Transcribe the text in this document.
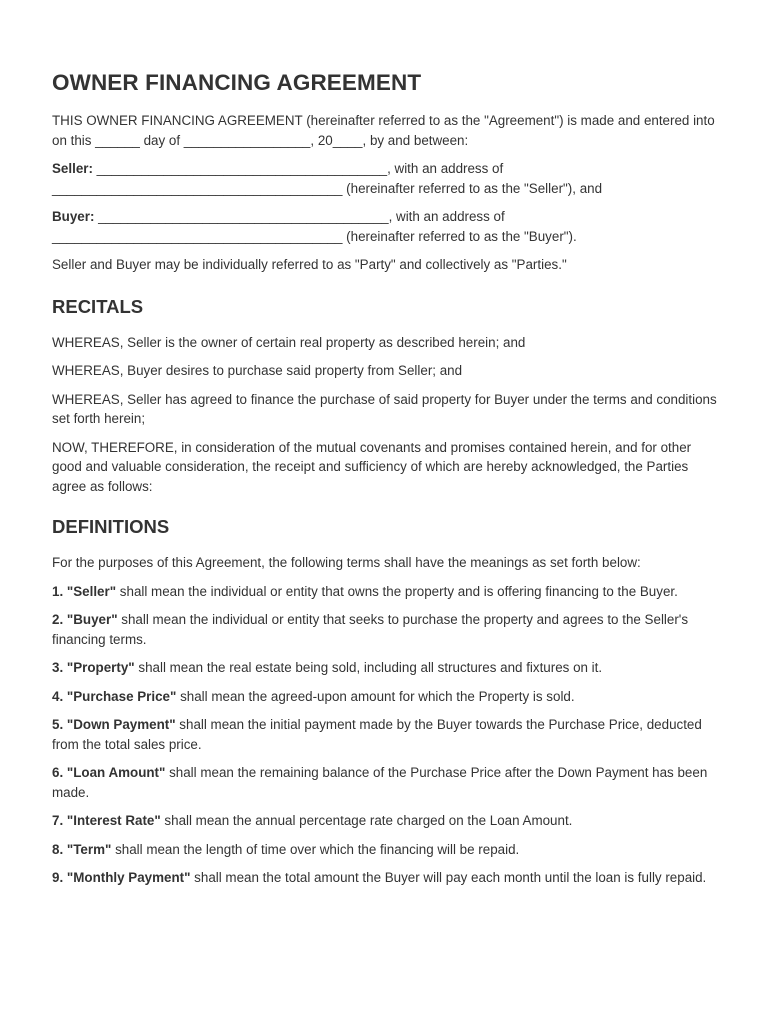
OWNER FINANCING AGREEMENT

THIS OWNER FINANCING AGREEMENT (hereinafter referred to as the "Agreement") is made and entered into on this ______ day of _________________, 20____, by and between:

Seller: _______________________________________, with an address of _______________________________________ (hereinafter referred to as the "Seller"), and

Buyer: _______________________________________, with an address of _______________________________________ (hereinafter referred to as the "Buyer").

Seller and Buyer may be individually referred to as "Party" and collectively as "Parties."

RECITALS

WHEREAS, Seller is the owner of certain real property as described herein; and

WHEREAS, Buyer desires to purchase said property from Seller; and

WHEREAS, Seller has agreed to finance the purchase of said property for Buyer under the terms and conditions set forth herein;

NOW, THEREFORE, in consideration of the mutual covenants and promises contained herein, and for other good and valuable consideration, the receipt and sufficiency of which are hereby acknowledged, the Parties agree as follows:

DEFINITIONS

For the purposes of this Agreement, the following terms shall have the meanings as set forth below:

1. "Seller" shall mean the individual or entity that owns the property and is offering financing to the Buyer.

2. "Buyer" shall mean the individual or entity that seeks to purchase the property and agrees to the Seller's financing terms.

3. "Property" shall mean the real estate being sold, including all structures and fixtures on it.

4. "Purchase Price" shall mean the agreed-upon amount for which the Property is sold.

5. "Down Payment" shall mean the initial payment made by the Buyer towards the Purchase Price, deducted from the total sales price.

6. "Loan Amount" shall mean the remaining balance of the Purchase Price after the Down Payment has been made.

7. "Interest Rate" shall mean the annual percentage rate charged on the Loan Amount.

8. "Term" shall mean the length of time over which the financing will be repaid.

9. "Monthly Payment" shall mean the total amount the Buyer will pay each month until the loan is fully repaid.
